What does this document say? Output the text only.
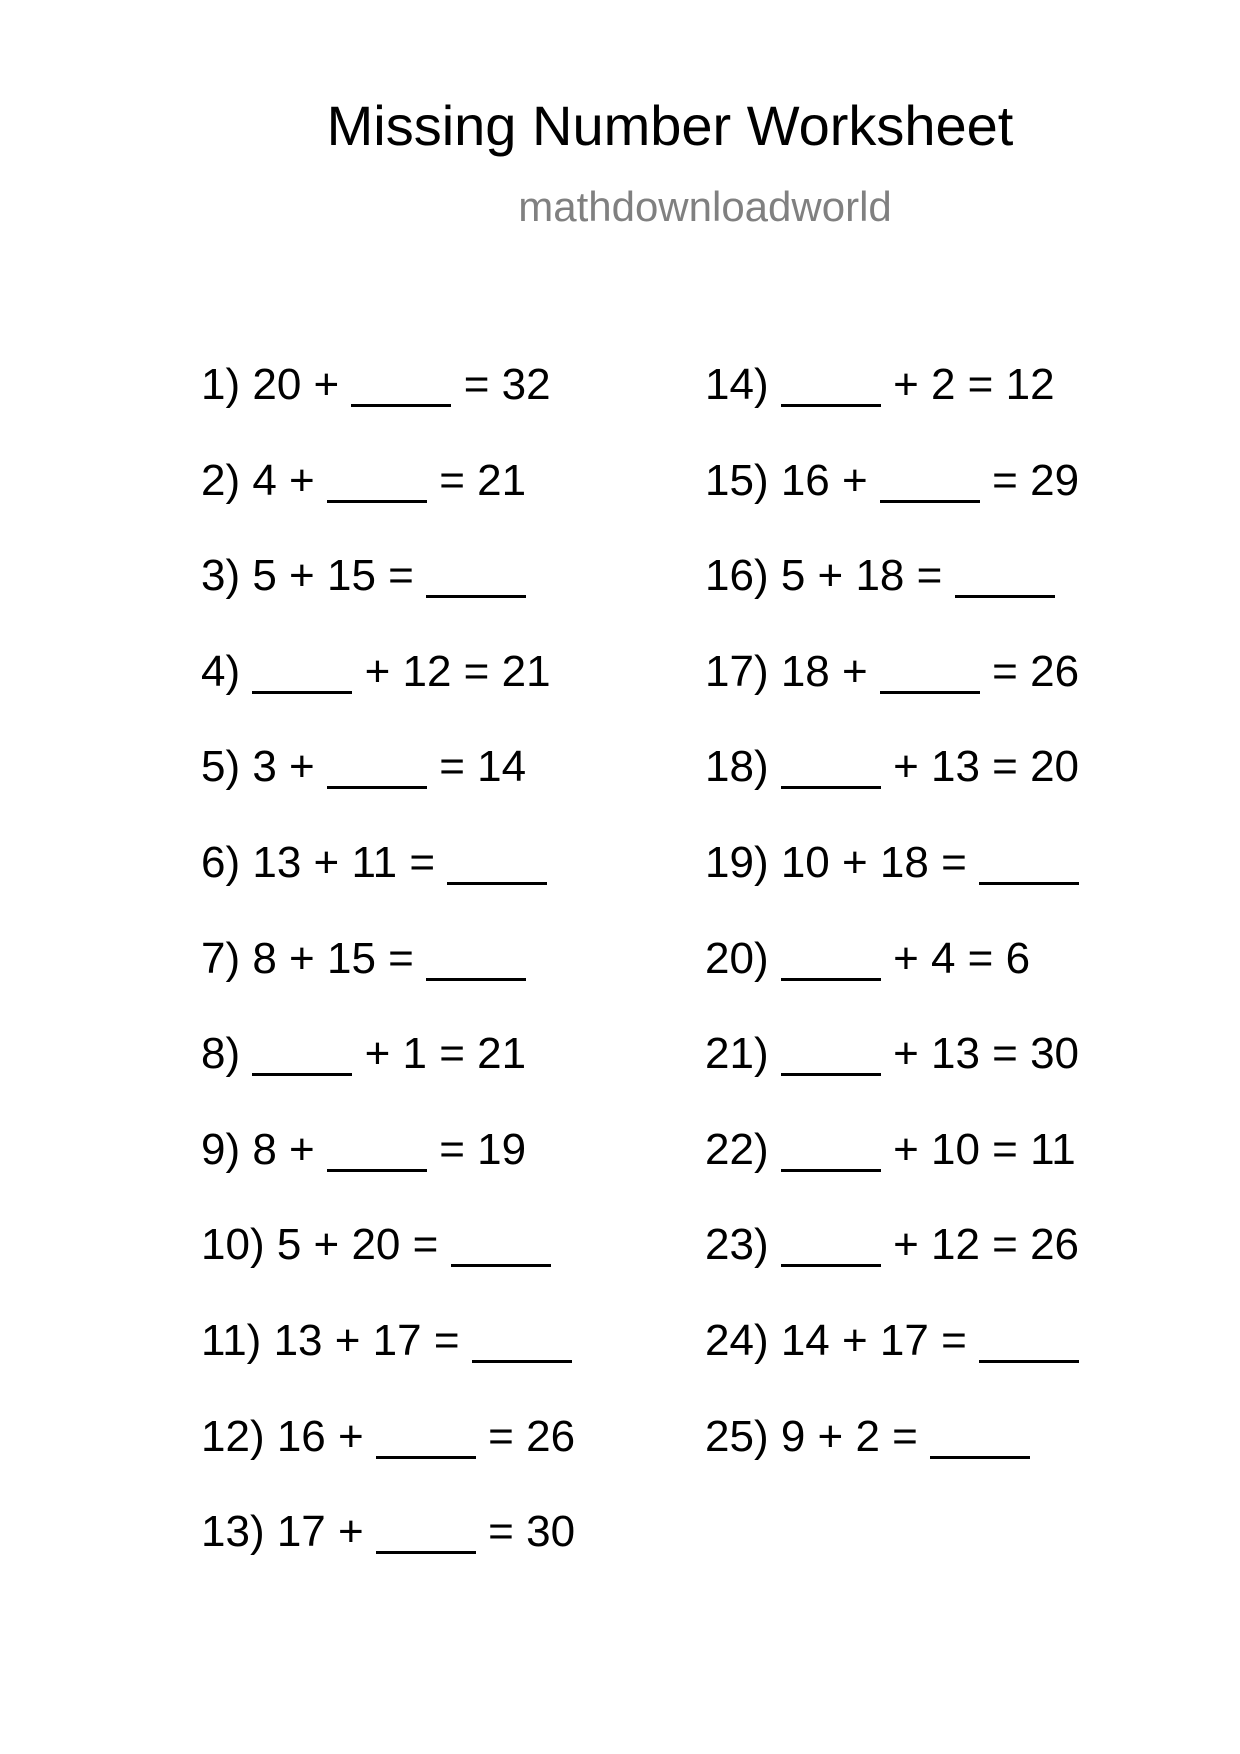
Missing Number Worksheet
mathdownloadworld
1) 20 +	= 32
2) 4 +	= 21
3) 5 + 15 =
4)	+ 12 = 21
5) 3 +	= 14
6) 13 + 11 =
7) 8 + 15 =
8)	+ 1 = 21
9) 8 +	= 19
10) 5 + 20 =
11) 13 + 17 =
12) 16 +	= 26
13) 17 +	= 30
14)	+ 2 = 12
15) 16 +	= 29
16) 5 + 18 =
17) 18 +	= 26
18)	+ 13 = 20
19) 10 + 18 =
20)	+ 4 = 6
21)	+ 13 = 30
22)	+ 10 = 11
23)	+ 12 = 26
24) 14 + 17 =
25) 9 + 2 =
